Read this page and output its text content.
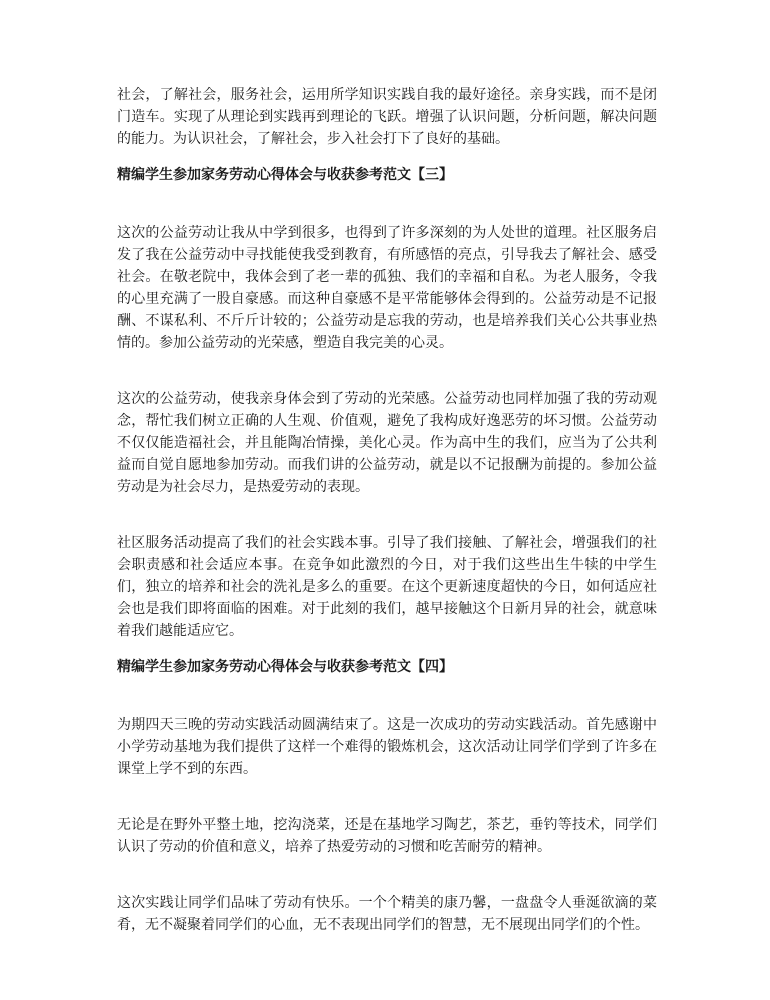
社会，了解社会，服务社会，运用所学知识实践自我的最好途径。亲身实践，而不是闭门造车。实现了从理论到实践再到理论的飞跃。增强了认识问题，分析问题，解决问题的能力。为认识社会，了解社会，步入社会打下了良好的基础。

精编学生参加家务劳动心得体会与收获参考范文【三】

这次的公益劳动让我从中学到很多，也得到了许多深刻的为人处世的道理。社区服务启发了我在公益劳动中寻找能使我受到教育，有所感悟的亮点，引导我去了解社会、感受社会。在敬老院中，我体会到了老一辈的孤独、我们的幸福和自私。为老人服务，令我的心里充满了一股自豪感。而这种自豪感不是平常能够体会得到的。公益劳动是不记报酬、不谋私利、不斤斤计较的；公益劳动是忘我的劳动，也是培养我们关心公共事业热情的。参加公益劳动的光荣感，塑造自我完美的心灵。

这次的公益劳动，使我亲身体会到了劳动的光荣感。公益劳动也同样加强了我的劳动观念，帮忙我们树立正确的人生观、价值观，避免了我构成好逸恶劳的坏习惯。公益劳动不仅仅能造福社会，并且能陶冶情操，美化心灵。作为高中生的我们，应当为了公共利益而自觉自愿地参加劳动。而我们讲的公益劳动，就是以不记报酬为前提的。参加公益劳动是为社会尽力，是热爱劳动的表现。

社区服务活动提高了我们的社会实践本事。引导了我们接触、了解社会，增强我们的社会职责感和社会适应本事。在竞争如此激烈的今日，对于我们这些出生牛犊的中学生们，独立的培养和社会的洗礼是多么的重要。在这个更新速度超快的今日，如何适应社会也是我们即将面临的困难。对于此刻的我们，越早接触这个日新月异的社会，就意味着我们越能适应它。

精编学生参加家务劳动心得体会与收获参考范文【四】

为期四天三晚的劳动实践活动圆满结束了。这是一次成功的劳动实践活动。首先感谢中小学劳动基地为我们提供了这样一个难得的锻炼机会，这次活动让同学们学到了许多在课堂上学不到的东西。

无论是在野外平整土地，挖沟浇菜，还是在基地学习陶艺，茶艺，垂钓等技术，同学们认识了劳动的价值和意义，培养了热爱劳动的习惯和吃苦耐劳的精神。

这次实践让同学们品味了劳动有快乐。一个个精美的康乃馨，一盘盘令人垂涎欲滴的菜肴，无不凝聚着同学们的心血，无不表现出同学们的智慧，无不展现出同学们的个性。
